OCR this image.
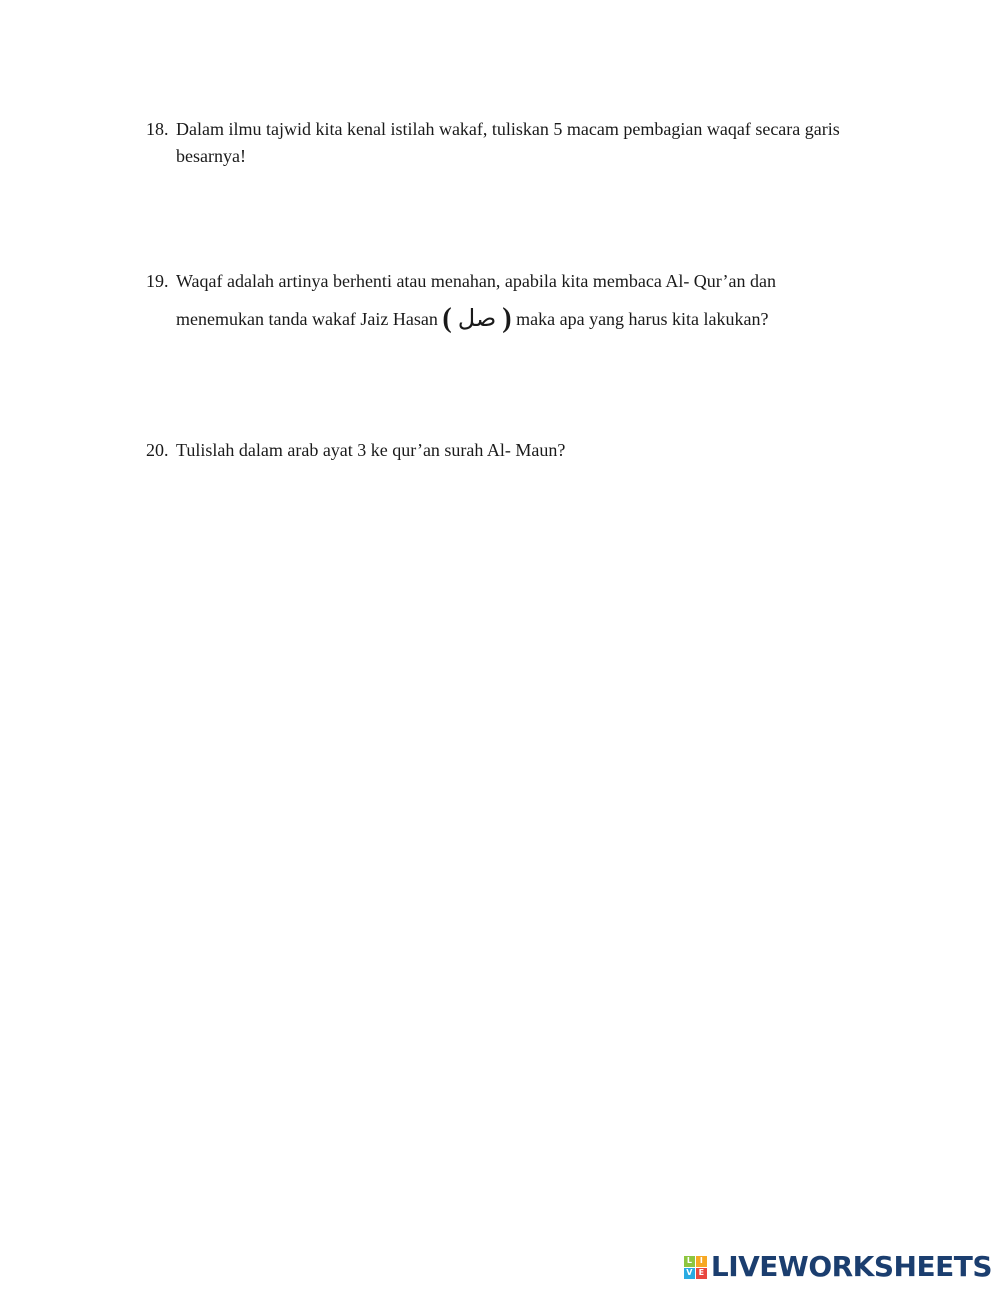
18. Dalam ilmu tajwid kita kenal istilah wakaf, tuliskan 5 macam pembagian waqaf secara garis besarnya!
19. Waqaf adalah artinya berhenti atau menahan, apabila kita membaca Al- Qur’an dan
menemukan tanda wakaf Jaiz Hasan ( صل ) maka apa yang harus kita lakukan?
20. Tulislah dalam arab ayat 3 ke qur’an surah Al- Maun?
L I
V E LIVEWORKSHEETS
